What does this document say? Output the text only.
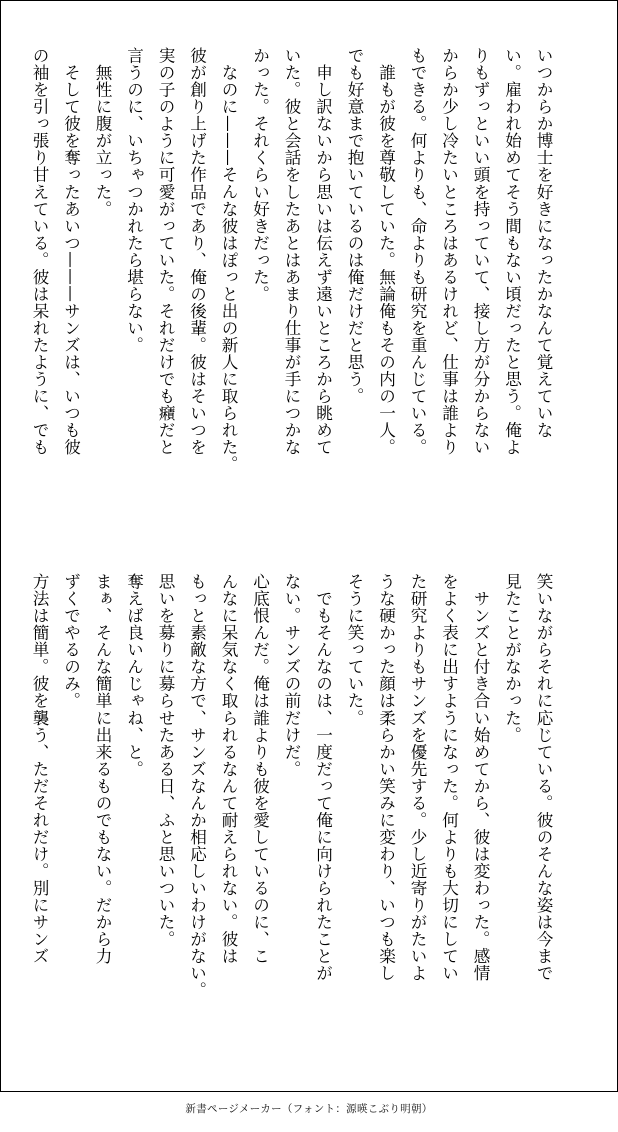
いつからか博士を好きになったかなんて覚えていな

い。雇われ始めてそう間もない頃だったと思う。俺よ

りもずっといい頭を持っていて、接し方が分からない

からか少し冷たいところはあるけれど、仕事は誰より

もできる。何よりも、命よりも研究を重んじている。

　誰もが彼を尊敬していた。無論俺もその内の一人。

でも好意まで抱いているのは俺だけだと思う。

　申し訳ないから思いは伝えず遠いところから眺めて

いた。彼と会話をしたあとはあまり仕事が手につかな

かった。それくらい好きだった。

　なのに———そんな彼はぽっと出の新人に取られた。

彼が創り上げた作品であり、俺の後輩。彼はそいつを

実の子のように可愛がっていた。それだけでも癪だと

言うのに、いちゃつかれたら堪らない。

　無性に腹が立った。

　そして彼を奪ったあいつ———サンズは、いつも彼

の袖を引っ張り甘えている。彼は呆れたように、でも

笑いながらそれに応じている。彼のそんな姿は今まで

見たことがなかった。

　サンズと付き合い始めてから、彼は変わった。感情

をよく表に出すようになった。何よりも大切にしてい

た研究よりもサンズを優先する。少し近寄りがたいよ

うな硬かった顔は柔らかい笑みに変わり、いつも楽し

そうに笑っていた。

　でもそんなのは、一度だって俺に向けられたことが

ない。サンズの前だけだ。

心底恨んだ。俺は誰よりも彼を愛しているのに、こ

んなに呆気なく取られるなんて耐えられない。彼は

もっと素敵な方で、サンズなんか相応しいわけがない。

思いを募りに募らせたある日、ふと思いついた。

奪えば良いんじゃね、と。

まぁ、そんな簡単に出来るものでもない。だから力

ずくでやるのみ。

方法は簡単。彼を襲う、ただそれだけ。別にサンズ

新書ページメーカー（フォント：源暎こぶり明朝）
